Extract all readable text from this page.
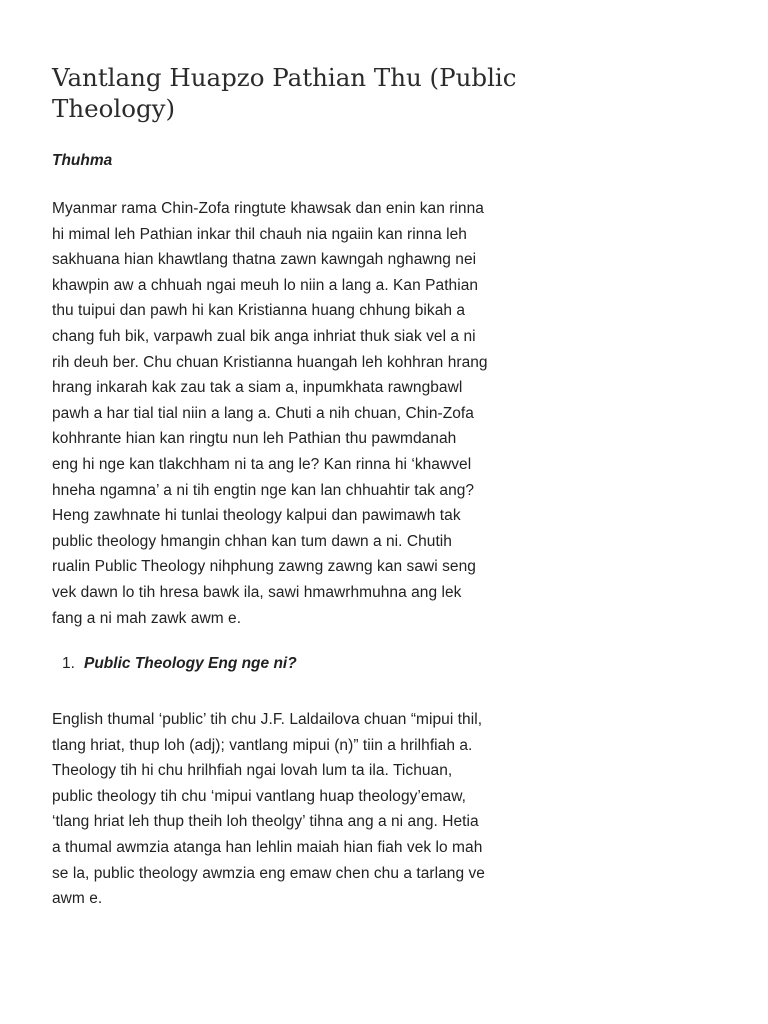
Vantlang Huapzo Pathian Thu (Public Theology)

Thuhma

Myanmar rama Chin-Zofa ringtute khawsak dan enin kan rinna
hi mimal leh Pathian inkar thil chauh nia ngaiin kan rinna leh
sakhuana hian khawtlang thatna zawn kawngah nghawng nei
khawpin aw a chhuah ngai meuh lo niin a lang a. Kan Pathian
thu tuipui dan pawh hi kan Kristianna huang chhung bikah a
chang fuh bik, varpawh zual bik anga inhriat thuk siak vel a ni
rih deuh ber. Chu chuan Kristianna huangah leh kohhran hrang
hrang inkarah kak zau tak a siam a, inpumkhata rawngbawl
pawh a har tial tial niin a lang a. Chuti a nih chuan, Chin-Zofa
kohhrante hian kan ringtu nun leh Pathian thu pawmdanah
eng hi nge kan tlakchham ni ta ang le? Kan rinna hi ‘khawvel
hneha ngamna’ a ni tih engtin nge kan lan chhuahtir tak ang?
Heng zawhnate hi tunlai theology kalpui dan pawimawh tak
public theology hmangin chhan kan tum dawn a ni. Chutih
rualin Public Theology nihphung zawng zawng kan sawi seng
vek dawn lo tih hresa bawk ila, sawi hmawrhmuhna ang lek
fang a ni mah zawk awm e.

1. Public Theology Eng nge ni?

English thumal ‘public’ tih chu J.F. Laldailova chuan “mipui thil,
tlang hriat, thup loh (adj); vantlang mipui (n)” tiin a hrilhfiah a.
Theology tih hi chu hrilhfiah ngai lovah lum ta ila. Tichuan,
public theology tih chu ‘mipui vantlang huap theology’emaw,
‘tlang hriat leh thup theih loh theolgy’ tihna ang a ni ang. Hetia
a thumal awmzia atanga han lehlin maiah hian fiah vek lo mah
se la, public theology awmzia eng emaw chen chu a tarlang ve
awm e.
